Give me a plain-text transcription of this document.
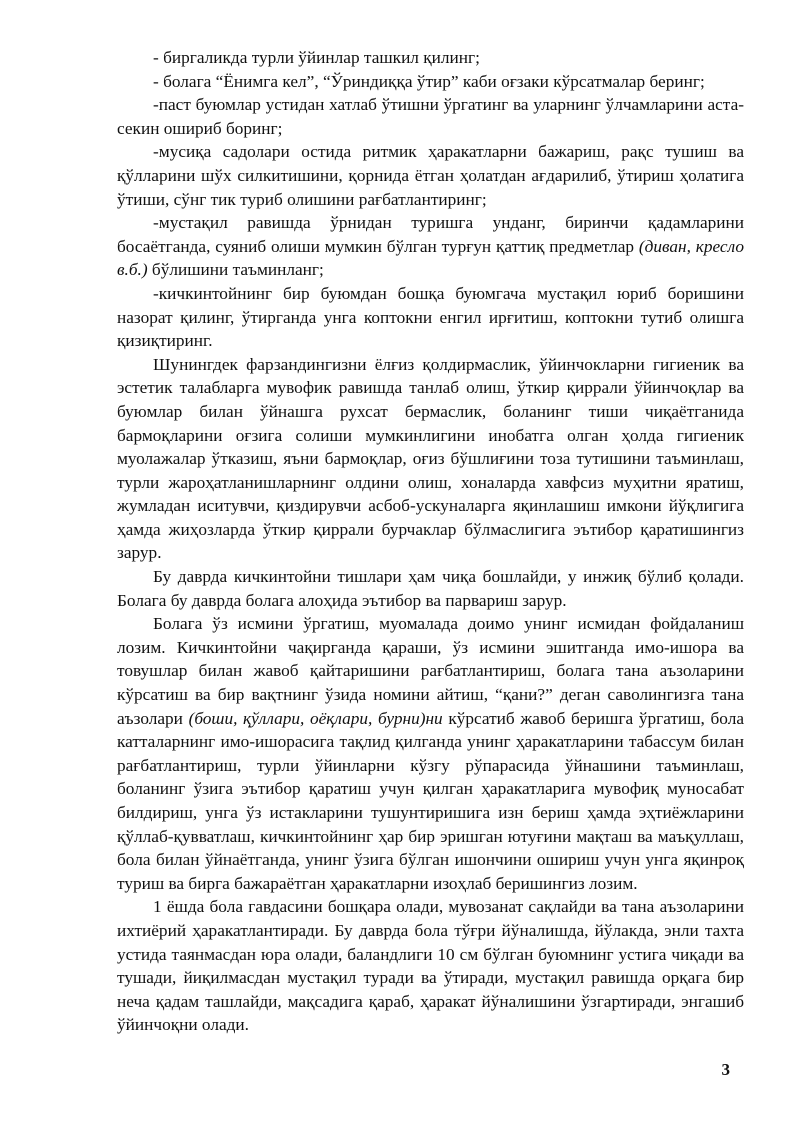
- биргаликда турли ўйинлар ташкил қилинг;

- болага “Ёнимга кел”, “Ўриндиққа ўтир” каби оғзаки кўрсатмалар беринг;

-паст буюмлар устидан хатлаб ўтишни ўргатинг ва уларнинг ўлчамларини аста- секин ошириб боринг;

-мусиқа садолари остида ритмик ҳаракатларни бажариш, рақс тушиш ва қўлларини шўх силкитишини, қорнида ётган ҳолатдан ағдарилиб, ўтириш ҳолатига ўтиши, сўнг тик туриб олишини рағбатлантиринг;

-мустақил равишда ўрнидан туришга унданг, биринчи қадамларини босаётганда, суяниб олиши мумкин бўлган турғун қаттиқ предметлар (диван, кресло в.б.) бўлишини таъминланг;

-кичкинтойнинг бир буюмдан бошқа буюмгача мустақил юриб боришини назорат қилинг, ўтирганда унга коптокни енгил ирғитиш, коптокни тутиб олишга қизиқтиринг.

Шунингдек фарзандингизни ёлғиз қолдирмаслик, ўйинчокларни гигиеник ва эстетик талабларга мувофик равишда танлаб олиш, ўткир қиррали ўйинчоқлар ва буюмлар билан ўйнашга рухсат бермаслик, боланинг тиши чиқаётганида бармоқларини оғзига солиши мумкинлигини инобатга олган ҳолда гигиеник муолажалар ўтказиш, яъни бармоқлар, оғиз бўшлиғини тоза тутишини таъминлаш, турли жароҳатланишларнинг олдини олиш, хоналарда хавфсиз муҳитни яратиш, жумладан иситувчи, қиздирувчи асбоб-ускуналарга яқинлашиш имкони йўқлигига ҳамда жиҳозларда ўткир қиррали бурчаклар бўлмаслигига эътибор қаратишингиз зарур.

Бу даврда кичкинтойни тишлари ҳам чиқа бошлайди, у инжиқ бўлиб қолади. Болага бу даврда болага алоҳида эътибор ва парвариш зарур.

Болага ўз исмини ўргатиш, муомалада доимо унинг исмидан фойдаланиш лозим. Кичкинтойни чақирганда қараши, ўз исмини эшитганда имо-ишора ва товушлар билан жавоб қайтаришини рағбатлантириш, болага тана аъзоларини кўрсатиш ва бир вақтнинг ўзида номини айтиш, “қани?” деган саволингизга тана аъзолари (боши, қўллари, оёқлари, бурни)ни кўрсатиб жавоб беришга ўргатиш, бола катталарнинг имо-ишорасига тақлид қилганда унинг ҳаракатларини табассум билан рағбатлантириш, турли ўйинларни кўзгу рўпарасида ўйнашини таъминлаш, боланинг ўзига эътибор қаратиш учун қилган ҳаракатларига мувофиқ муносабат билдириш, унга ўз истакларини тушунтиришига изн бериш ҳамда эҳтиёжларини қўллаб-қувватлаш, кичкинтойнинг ҳар бир эришган ютуғини мақташ ва маъқуллаш, бола билан ўйнаётганда, унинг ўзига бўлган ишончини ошириш учун унга яқинроқ туриш ва бирга бажараётган ҳаракатларни изоҳлаб беришингиз лозим.

1 ёшда бола гавдасини бошқара олади, мувозанат сақлайди ва тана аъзоларини ихтиёрий ҳаракатлантиради. Бу даврда бола тўғри йўналишда, йўлакда, энли тахта устида таянмасдан юра олади, баландлиги 10 см бўлган буюмнинг устига чиқади ва тушади, йиқилмасдан мустақил туради ва ўтиради, мустақил равишда орқага бир неча қадам ташлайди, мақсадига қараб, ҳаракат йўналишини ўзгартиради, энгашиб ўйинчоқни олади.

3
